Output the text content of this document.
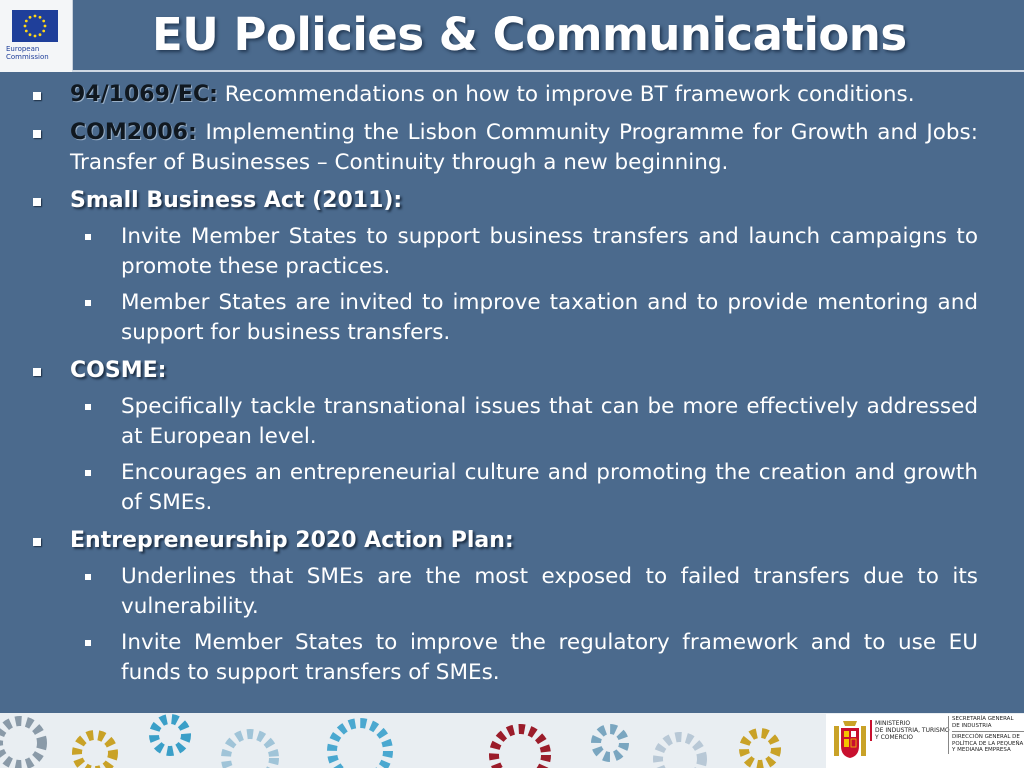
European
Commission	EU Policies & Communications
94/1069/EC: Recommendations on how to improve BT framework conditions.
COM2006: Implementing the Lisbon Community Programme for Growth and Jobs: Transfer of Businesses – Continuity through a new beginning.
Small Business Act (2011):
Invite Member States to support business transfers and launch campaigns to promote these practices.
Member States are invited to improve taxation and to provide mentoring and support for business transfers.
COSME:
Specifically tackle transnational issues that can be more effectively addressed at European level.
Encourages an entrepreneurial culture and promoting the creation and growth of SMEs.
Entrepreneurship 2020 Action Plan:
Underlines that SMEs are the most exposed to failed transfers due to its vulnerability.
Invite Member States to improve the regulatory framework and to use EU funds to support transfers of SMEs.
MINISTERIO
DE INDUSTRIA, TURISMO
Y COMERCIO
SECRETARÍA GENERAL
DE INDUSTRIA
DIRECCIÓN GENERAL DE
POLÍTICA DE LA PEQUEÑA
Y MEDIANA EMPRESA
